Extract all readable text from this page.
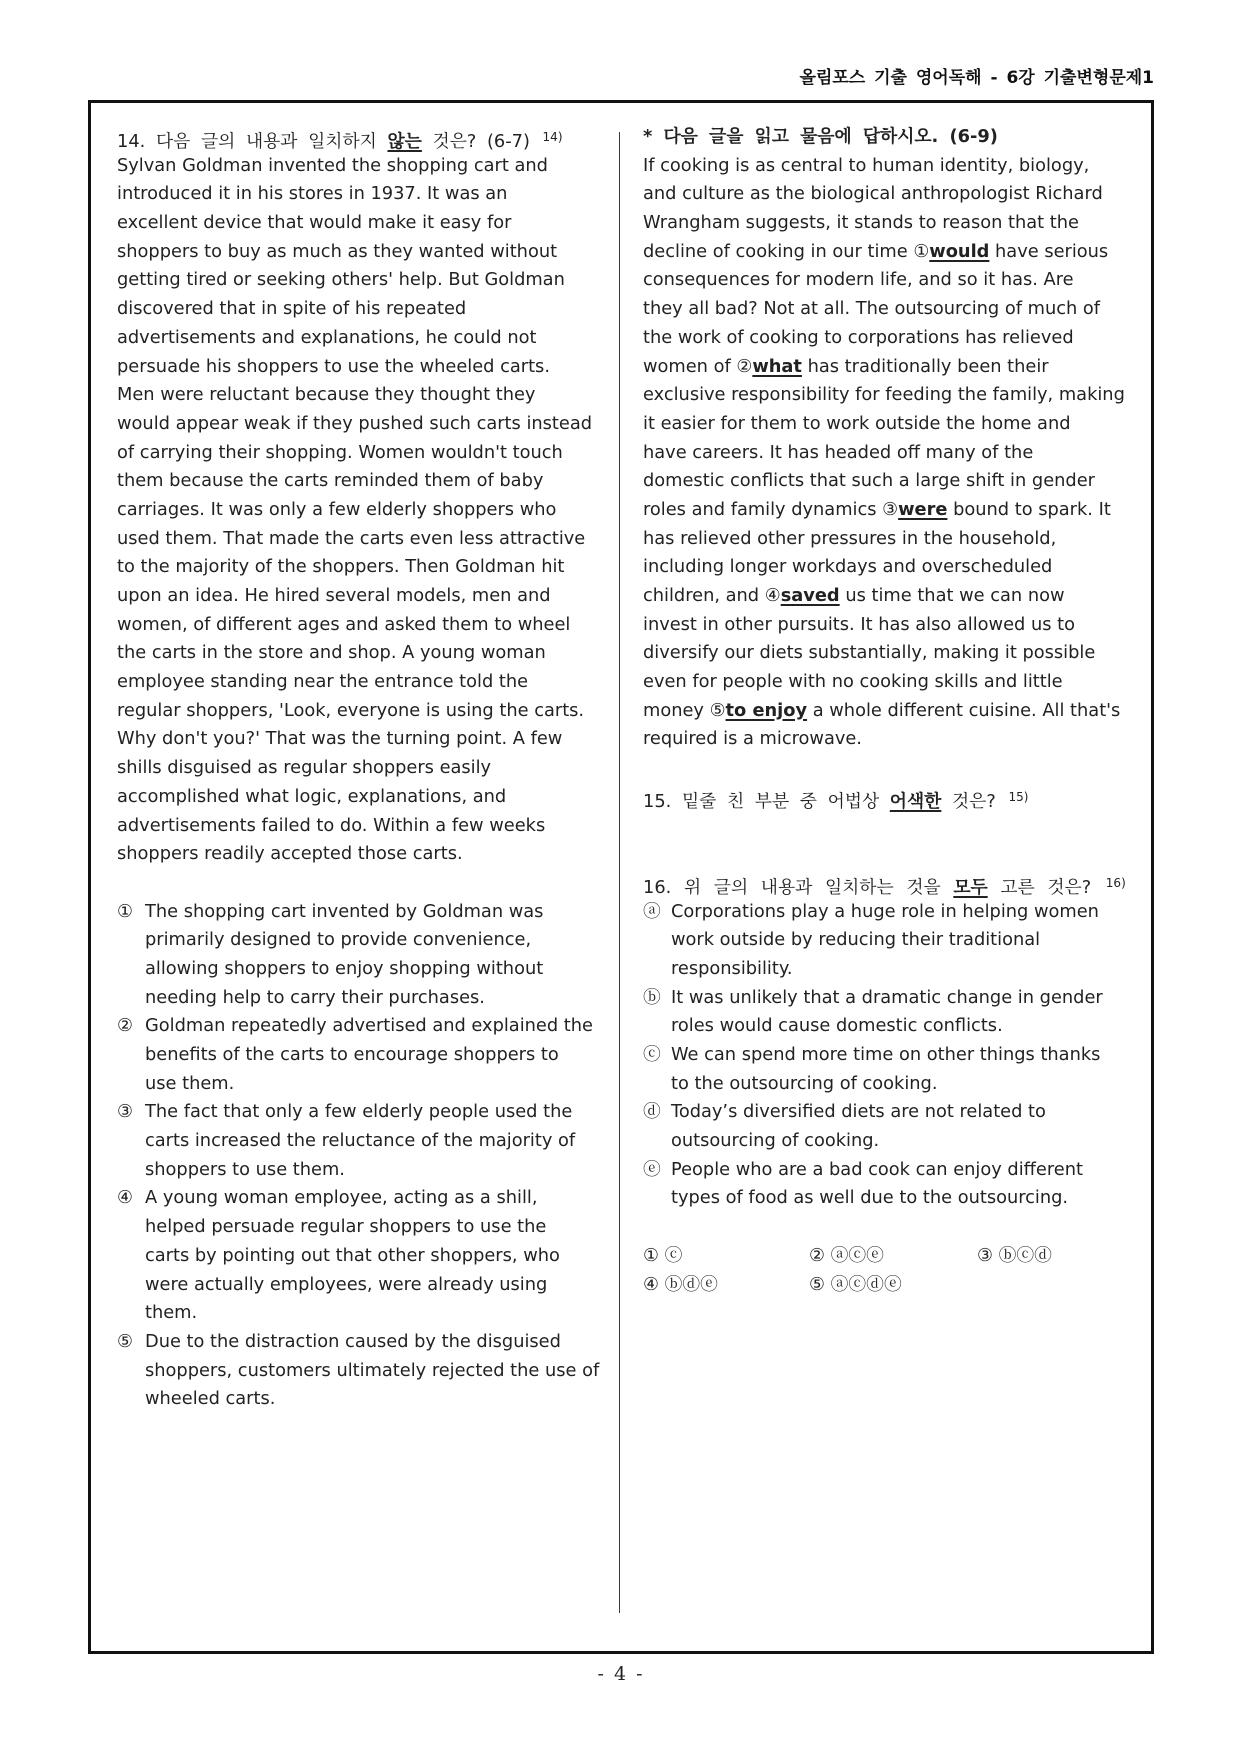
올림포스 기출 영어독해 - 6강 기출변형문제1
14. 다음 글의 내용과 일치하지 않는 것은? (6-7) $^{14)}$
Sylvan Goldman invented the shopping cart and
introduced it in his stores in 1937. It was an
excellent device that would make it easy for
shoppers to buy as much as they wanted without
getting tired or seeking others' help. But Goldman
discovered that in spite of his repeated
advertisements and explanations, he could not
persuade his shoppers to use the wheeled carts.
Men were reluctant because they thought they
would appear weak if they pushed such carts instead
of carrying their shopping. Women wouldn't touch
them because the carts reminded them of baby
carriages. It was only a few elderly shoppers who
used them. That made the carts even less attractive
to the majority of the shoppers. Then Goldman hit
upon an idea. He hired several models, men and
women, of different ages and asked them to wheel
the carts in the store and shop. A young woman
employee standing near the entrance told the
regular shoppers, 'Look, everyone is using the carts.
Why don't you?' That was the turning point. A few
shills disguised as regular shoppers easily
accomplished what logic, explanations, and
advertisements failed to do. Within a few weeks
shoppers readily accepted those carts.
① The shopping cart invented by Goldman was
primarily designed to provide convenience,
allowing shoppers to enjoy shopping without
needing help to carry their purchases.
② Goldman repeatedly advertised and explained the
benefits of the carts to encourage shoppers to
use them.
③ The fact that only a few elderly people used the
carts increased the reluctance of the majority of
shoppers to use them.
④ A young woman employee, acting as a shill,
helped persuade regular shoppers to use the
carts by pointing out that other shoppers, who
were actually employees, were already using
them.
⑤ Due to the distraction caused by the disguised
shoppers, customers ultimately rejected the use of
wheeled carts.
* 다음 글을 읽고 물음에 답하시오. (6-9)
If cooking is as central to human identity, biology,
and culture as the biological anthropologist Richard
Wrangham suggests, it stands to reason that the
decline of cooking in our time ①would have serious
consequences for modern life, and so it has. Are
they all bad? Not at all. The outsourcing of much of
the work of cooking to corporations has relieved
women of ②what has traditionally been their
exclusive responsibility for feeding the family, making
it easier for them to work outside the home and
have careers. It has headed off many of the
domestic conflicts that such a large shift in gender
roles and family dynamics ③were bound to spark. It
has relieved other pressures in the household,
including longer workdays and overscheduled
children, and ④saved us time that we can now
invest in other pursuits. It has also allowed us to
diversify our diets substantially, making it possible
even for people with no cooking skills and little
money ⑤to enjoy a whole different cuisine. All that's
required is a microwave.
15. 밑줄 친 부분 중 어법상 어색한 것은? $^{15)}$
16. 위 글의 내용과 일치하는 것을 모두 고른 것은? $^{16)}$
ⓐ Corporations play a huge role in helping women
work outside by reducing their traditional
responsibility.
ⓑ It was unlikely that a dramatic change in gender
roles would cause domestic conflicts.
ⓒ We can spend more time on other things thanks
to the outsourcing of cooking.
ⓓ Today’s diversified diets are not related to
outsourcing of cooking.
ⓔ People who are a bad cook can enjoy different
types of food as well due to the outsourcing.
① ⓒ	② ⓐⓒⓔ	③ ⓑⓒⓓ
④ ⓑⓓⓔ	⑤ ⓐⓒⓓⓔ
- 4 -
